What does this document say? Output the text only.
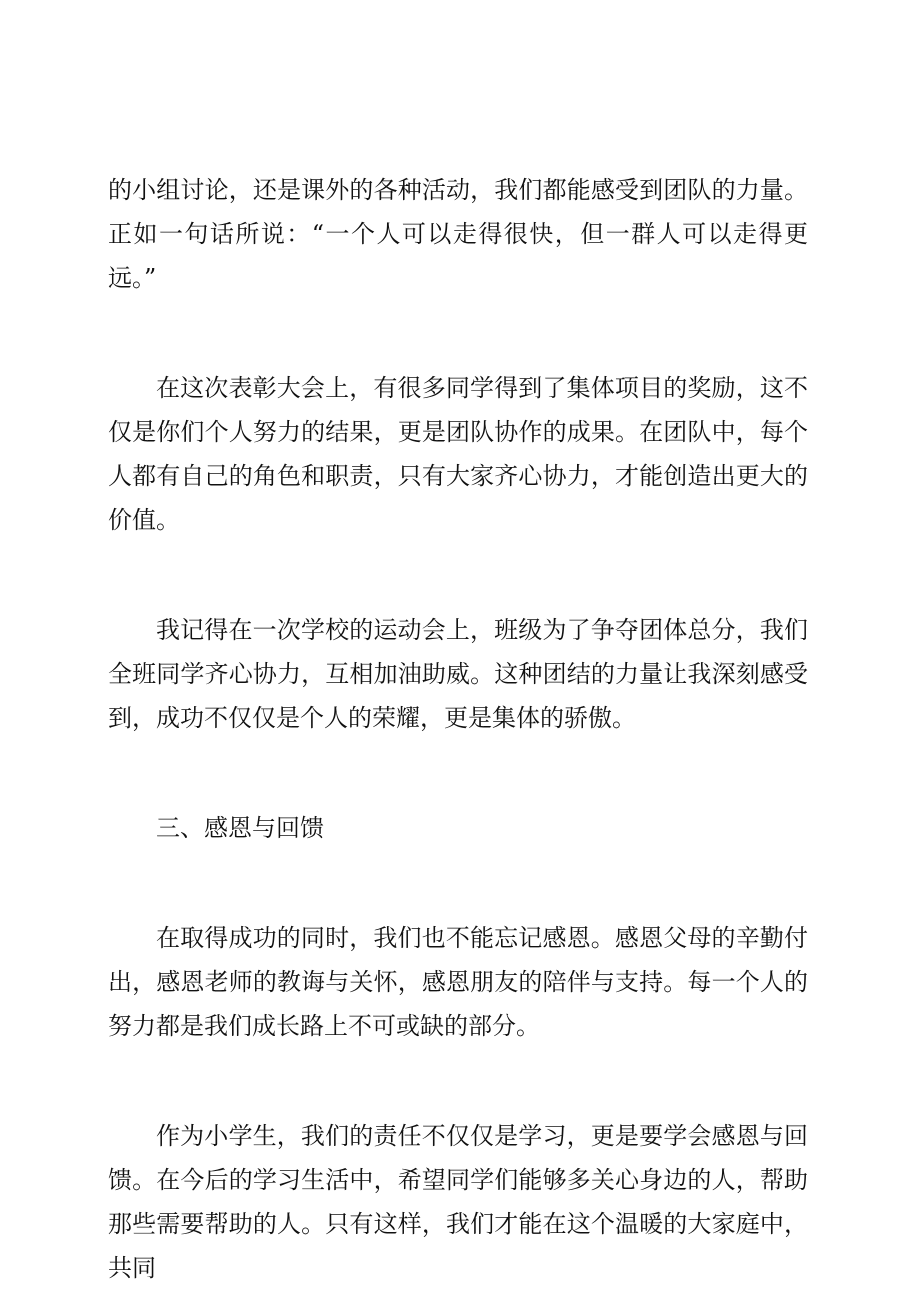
的小组讨论，还是课外的各种活动，我们都能感受到团队的力量。正如一句话所说：“一个人可以走得很快，但一群人可以走得更远。”

在这次表彰大会上，有很多同学得到了集体项目的奖励，这不仅是你们个人努力的结果，更是团队协作的成果。在团队中，每个人都有自己的角色和职责，只有大家齐心协力，才能创造出更大的价值。

我记得在一次学校的运动会上，班级为了争夺团体总分，我们全班同学齐心协力，互相加油助威。这种团结的力量让我深刻感受到，成功不仅仅是个人的荣耀，更是集体的骄傲。

三、感恩与回馈

在取得成功的同时，我们也不能忘记感恩。感恩父母的辛勤付出，感恩老师的教诲与关怀，感恩朋友的陪伴与支持。每一个人的努力都是我们成长路上不可或缺的部分。

作为小学生，我们的责任不仅仅是学习，更是要学会感恩与回馈。在今后的学习生活中，希望同学们能够多关心身边的人，帮助那些需要帮助的人。只有这样，我们才能在这个温暖的大家庭中，共同
